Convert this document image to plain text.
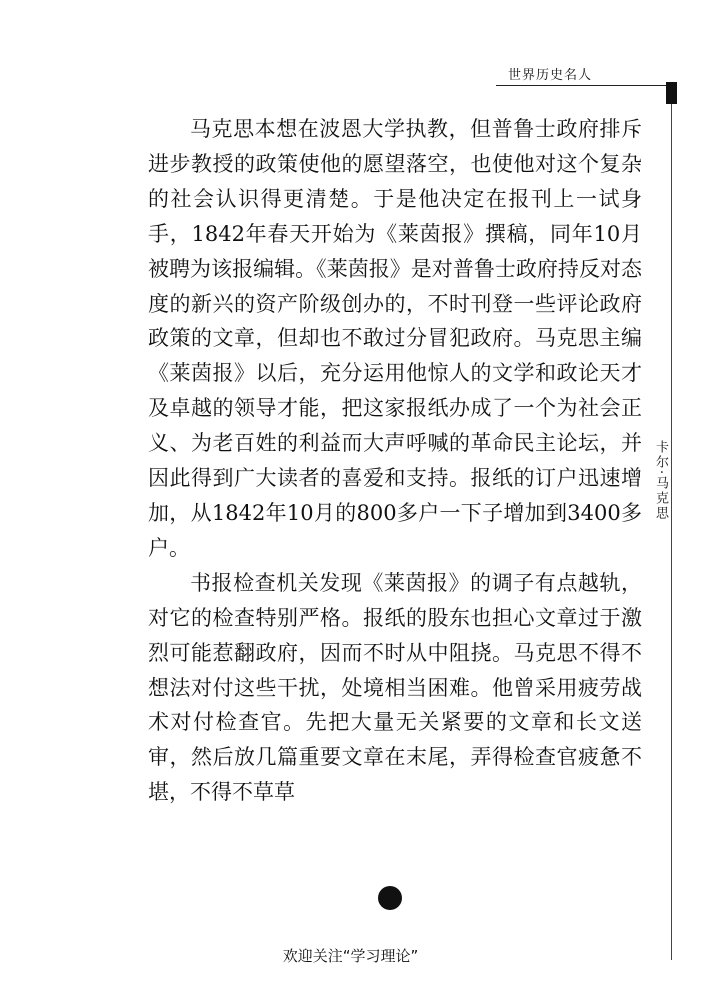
世界历史名人
卡尔·马克思

马克思本想在波恩大学执教，但普鲁士政府排斥进步教授的政策使他的愿望落空，也使他对这个复杂的社会认识得更清楚。于是他决定在报刊上一试身手，1842年春天开始为《莱茵报》撰稿，同年10月被聘为该报编辑。《莱茵报》是对普鲁士政府持反对态度的新兴的资产阶级创办的，不时刊登一些评论政府政策的文章，但却也不敢过分冒犯政府。马克思主编《莱茵报》以后，充分运用他惊人的文学和政论天才及卓越的领导才能，把这家报纸办成了一个为社会正义、为老百姓的利益而大声呼喊的革命民主论坛，并因此得到广大读者的喜爱和支持。报纸的订户迅速增加，从1842年10月的800多户一下子增加到3400多户。

书报检查机关发现《莱茵报》的调子有点越轨，对它的检查特别严格。报纸的股东也担心文章过于激烈可能惹翻政府，因而不时从中阻挠。马克思不得不想法对付这些干扰，处境相当困难。他曾采用疲劳战术对付检查官。先把大量无关紧要的文章和长文送审，然后放几篇重要文章在末尾，弄得检查官疲惫不堪，不得不草草

欢迎关注“学习理论”
